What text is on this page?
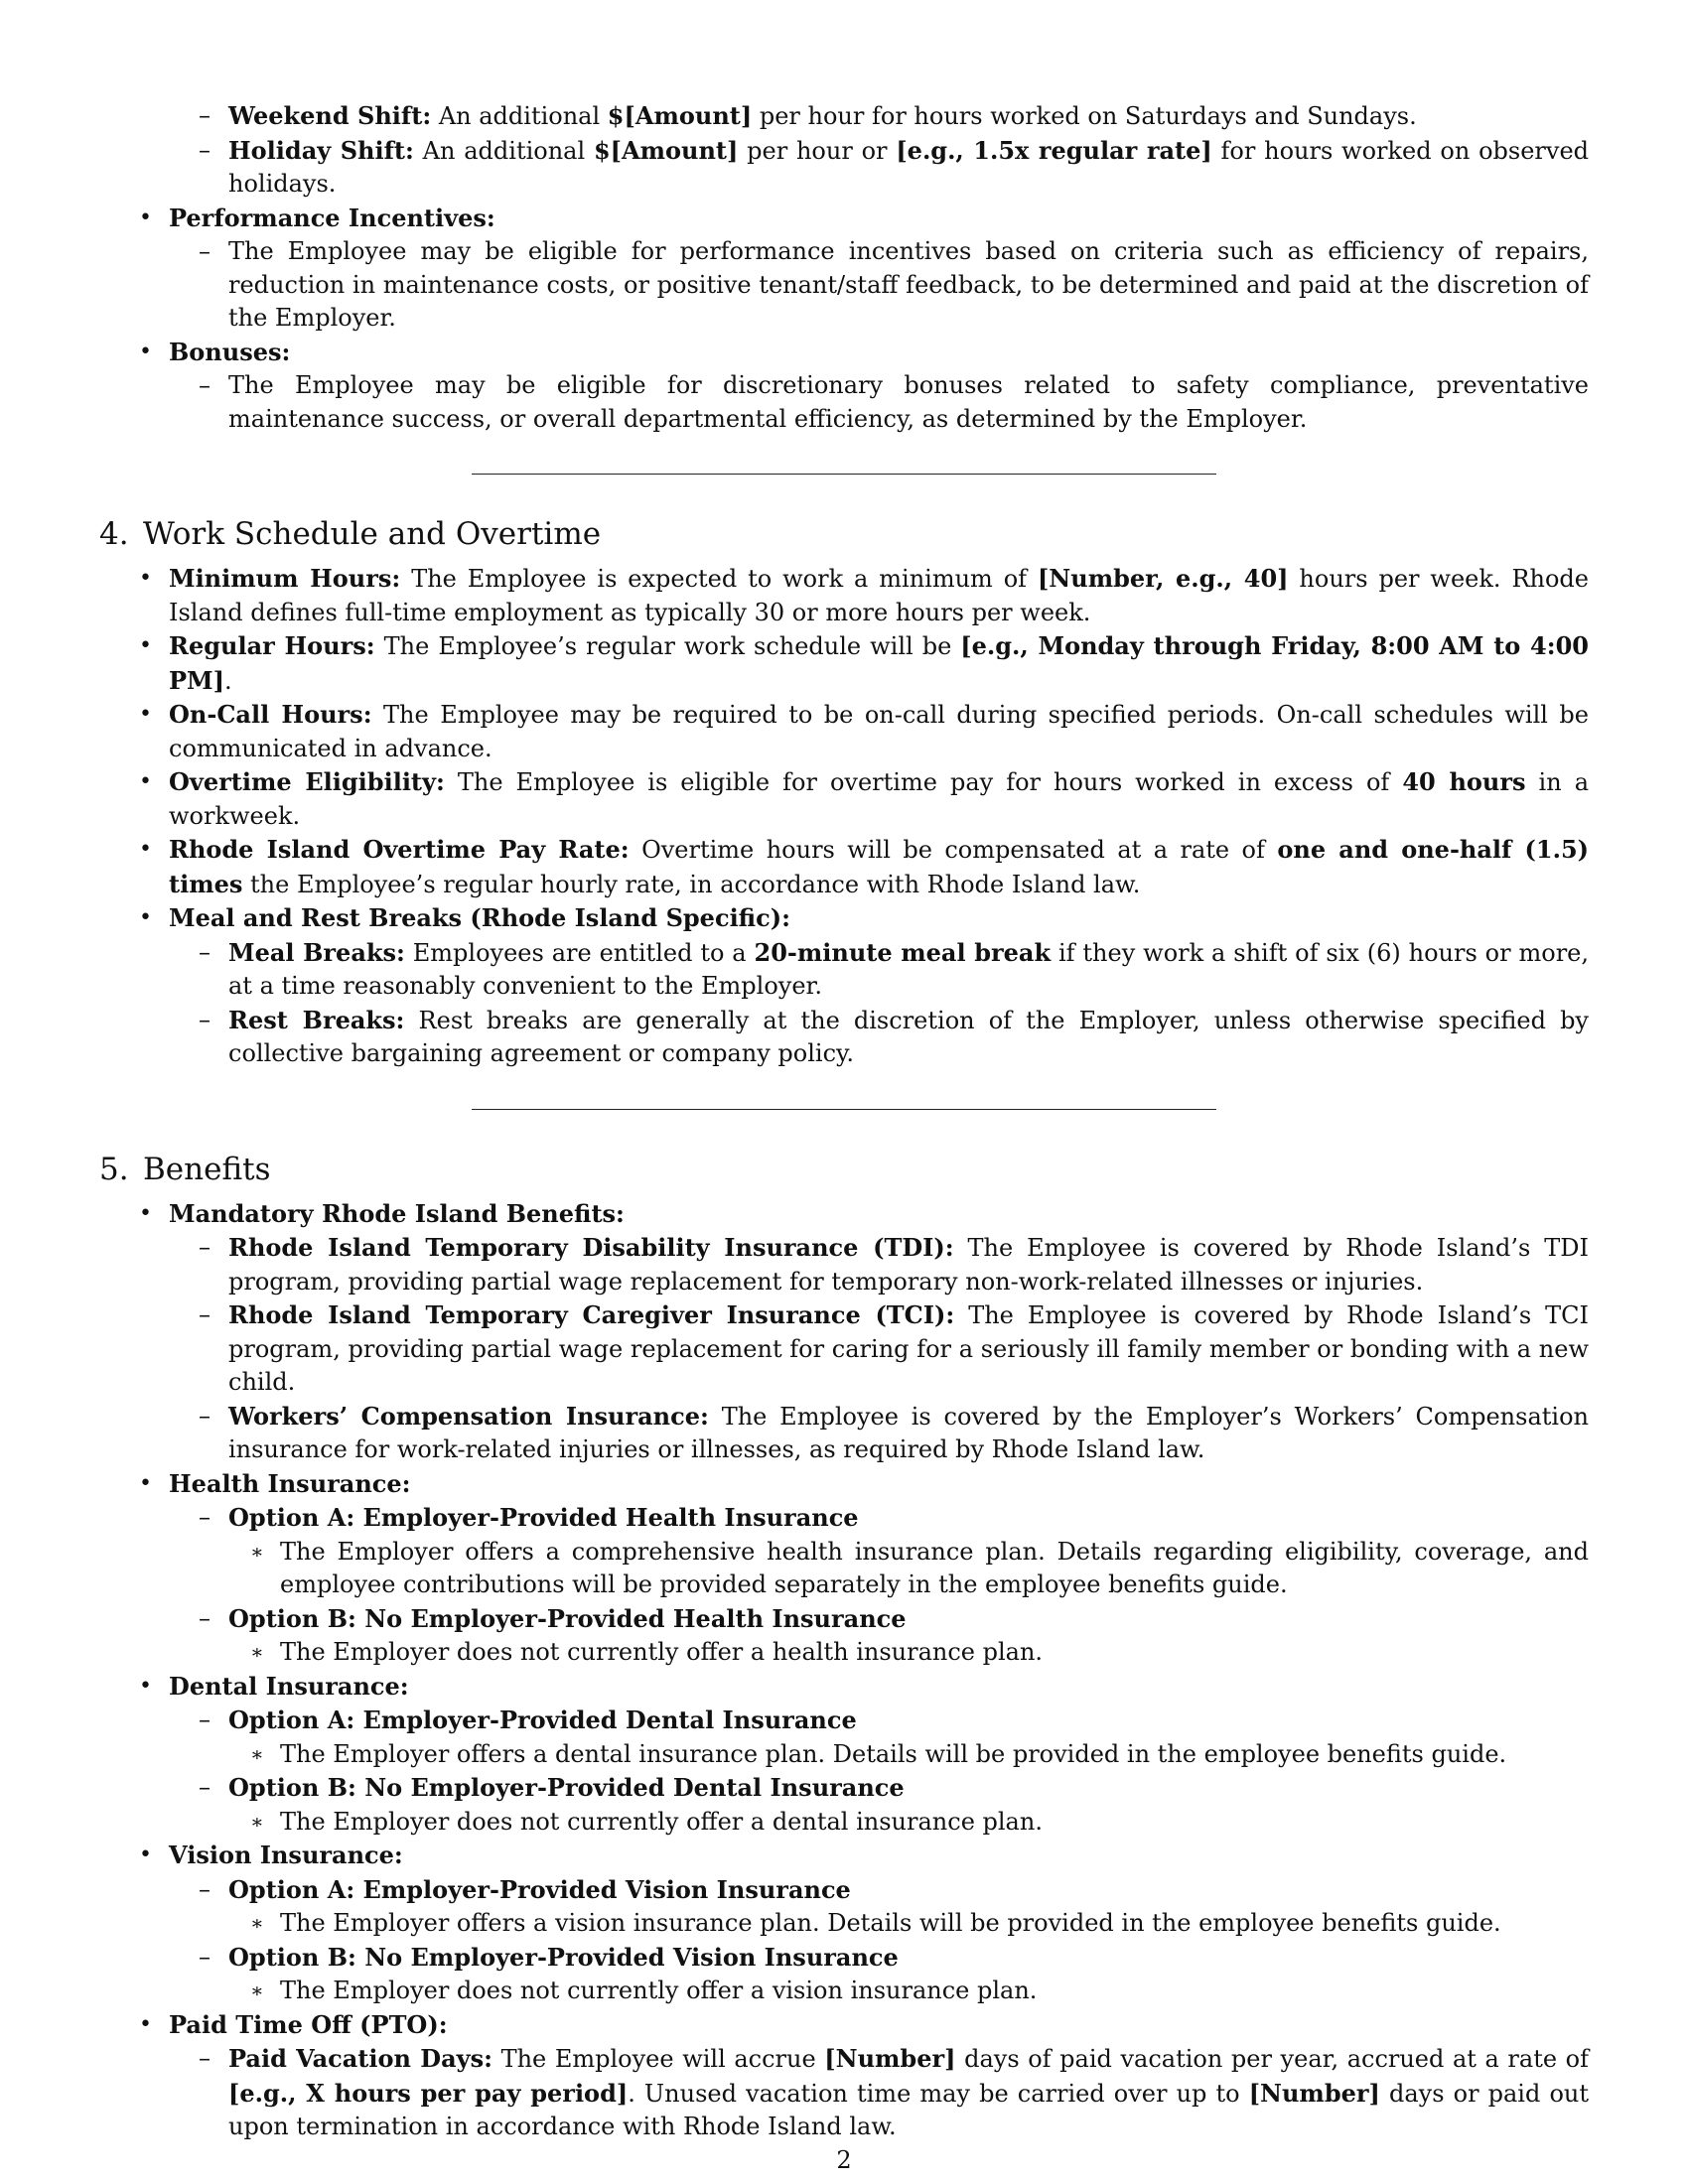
– Weekend Shift: An additional $[Amount] per hour for hours worked on Saturdays and Sundays.
– Holiday Shift: An additional $[Amount] per hour or [e.g., 1.5x regular rate] for hours worked on observed holidays.
• Performance Incentives:
– The Employee may be eligible for performance incentives based on criteria such as efficiency of repairs, reduction in maintenance costs, or positive tenant/staff feedback, to be determined and paid at the discretion of the Employer.
• Bonuses:
– The Employee may be eligible for discretionary bonuses related to safety compliance, preventative maintenance success, or overall departmental efficiency, as determined by the Employer.
4. Work Schedule and Overtime
• Minimum Hours: The Employee is expected to work a minimum of [Number, e.g., 40] hours per week. Rhode Island defines full-time employment as typically 30 or more hours per week.
• Regular Hours: The Employee’s regular work schedule will be [e.g., Monday through Friday, 8:00 AM to 4:00 PM].
• On-Call Hours: The Employee may be required to be on-call during specified periods. On-call schedules will be communicated in advance.
• Overtime Eligibility: The Employee is eligible for overtime pay for hours worked in excess of 40 hours in a workweek.
• Rhode Island Overtime Pay Rate: Overtime hours will be compensated at a rate of one and one-half (1.5) times the Employee’s regular hourly rate, in accordance with Rhode Island law.
• Meal and Rest Breaks (Rhode Island Specific):
– Meal Breaks: Employees are entitled to a 20-minute meal break if they work a shift of six (6) hours or more, at a time reasonably convenient to the Employer.
– Rest Breaks: Rest breaks are generally at the discretion of the Employer, unless otherwise specified by collective bargaining agreement or company policy.
5. Benefits
• Mandatory Rhode Island Benefits:
– Rhode Island Temporary Disability Insurance (TDI): The Employee is covered by Rhode Island’s TDI program, providing partial wage replacement for temporary non-work-related illnesses or injuries.
– Rhode Island Temporary Caregiver Insurance (TCI): The Employee is covered by Rhode Island’s TCI program, providing partial wage replacement for caring for a seriously ill family member or bonding with a new child.
– Workers’ Compensation Insurance: The Employee is covered by the Employer’s Workers’ Compensation insurance for work-related injuries or illnesses, as required by Rhode Island law.
• Health Insurance:
– Option A: Employer-Provided Health Insurance
∗ The Employer offers a comprehensive health insurance plan. Details regarding eligibility, coverage, and employee contributions will be provided separately in the employee benefits guide.
– Option B: No Employer-Provided Health Insurance
∗ The Employer does not currently offer a health insurance plan.
• Dental Insurance:
– Option A: Employer-Provided Dental Insurance
∗ The Employer offers a dental insurance plan. Details will be provided in the employee benefits guide.
– Option B: No Employer-Provided Dental Insurance
∗ The Employer does not currently offer a dental insurance plan.
• Vision Insurance:
– Option A: Employer-Provided Vision Insurance
∗ The Employer offers a vision insurance plan. Details will be provided in the employee benefits guide.
– Option B: No Employer-Provided Vision Insurance
∗ The Employer does not currently offer a vision insurance plan.
• Paid Time Off (PTO):
– Paid Vacation Days: The Employee will accrue [Number] days of paid vacation per year, accrued at a rate of [e.g., X hours per pay period]. Unused vacation time may be carried over up to [Number] days or paid out upon termination in accordance with Rhode Island law.
2
